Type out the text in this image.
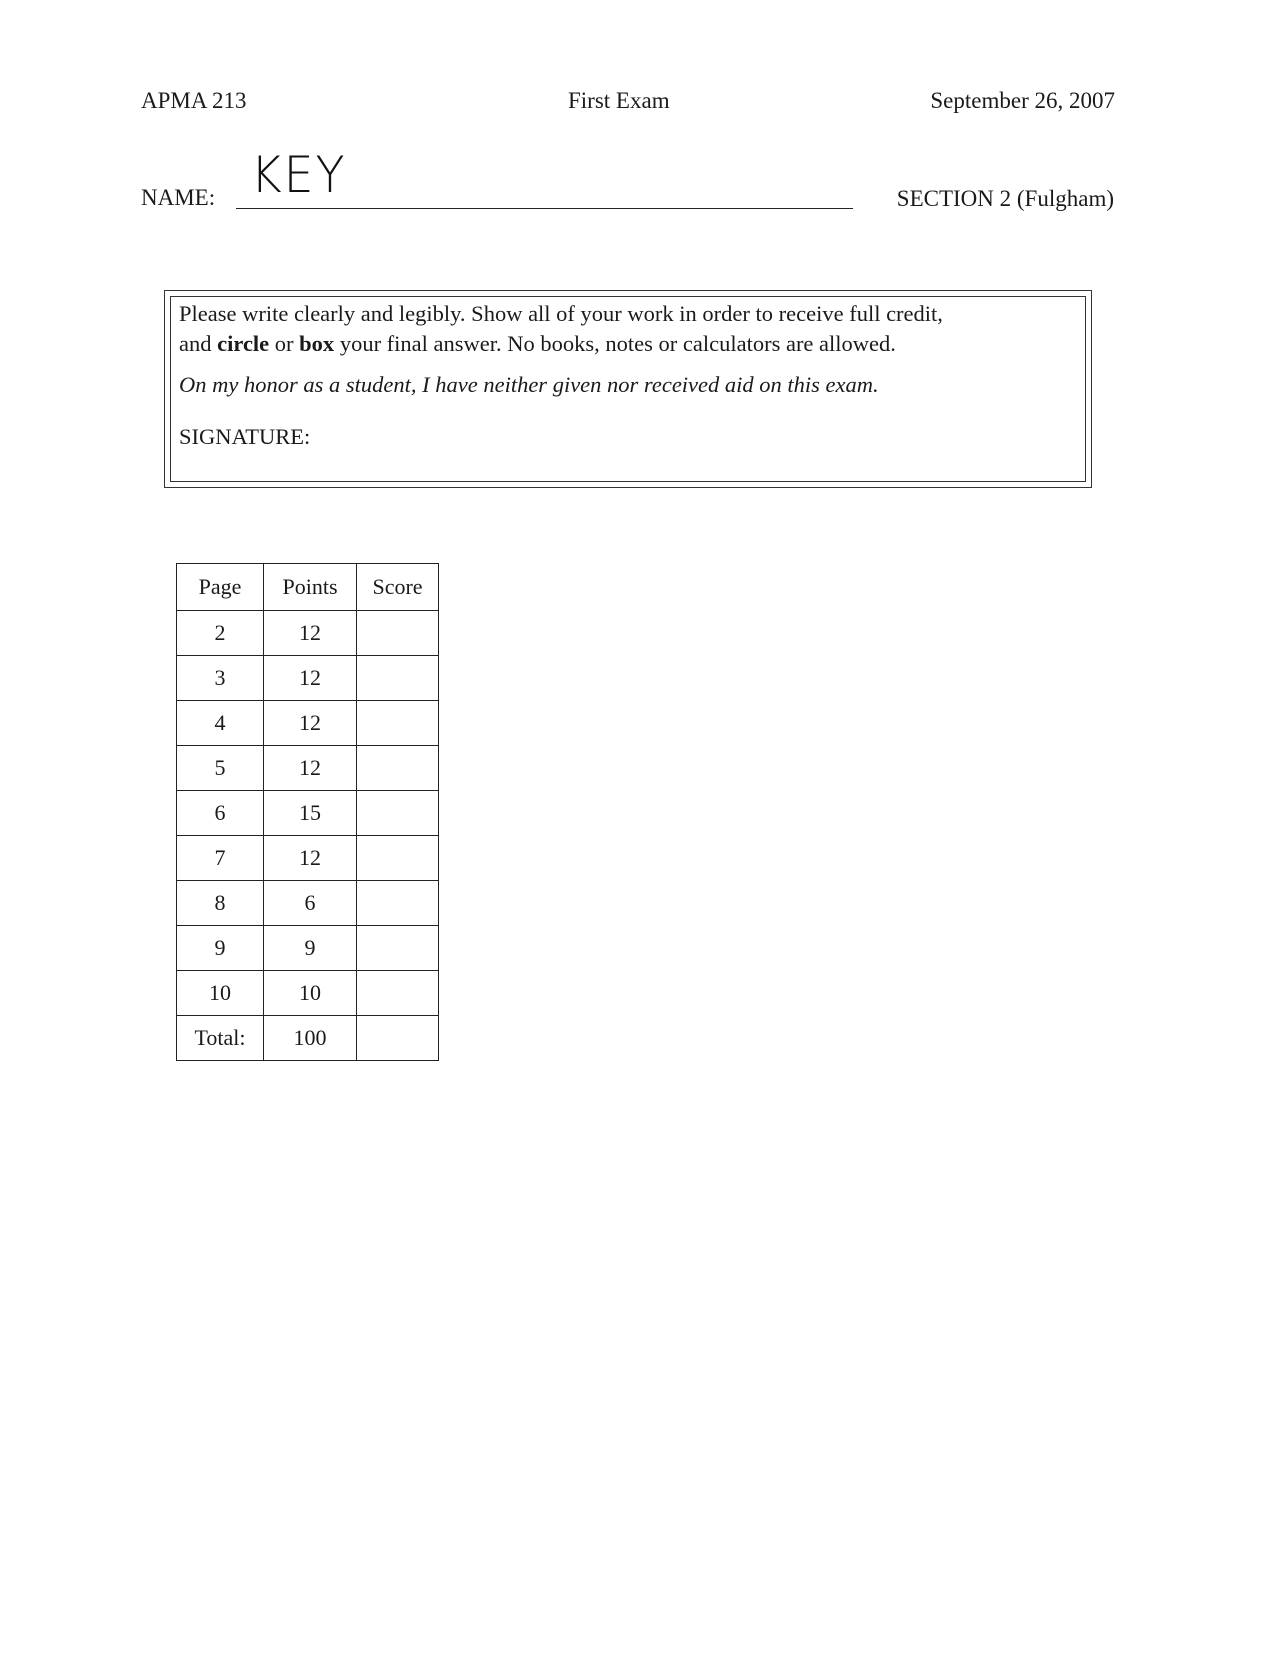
APMA 213	First Exam	September 26, 2007
NAME: KEY	SECTION 2 (Fulgham)

Please write clearly and legibly. Show all of your work in order to receive full credit,

and circle or box your final answer. No books, notes or calculators are allowed.

On my honor as a student, I have neither given nor received aid on this exam.

SIGNATURE:

Page	Points	Score
2	12	
3	12	
4	12	
5	12	
6	15	
7	12	
8	6	
9	9	
10	10	
Total:	100	
